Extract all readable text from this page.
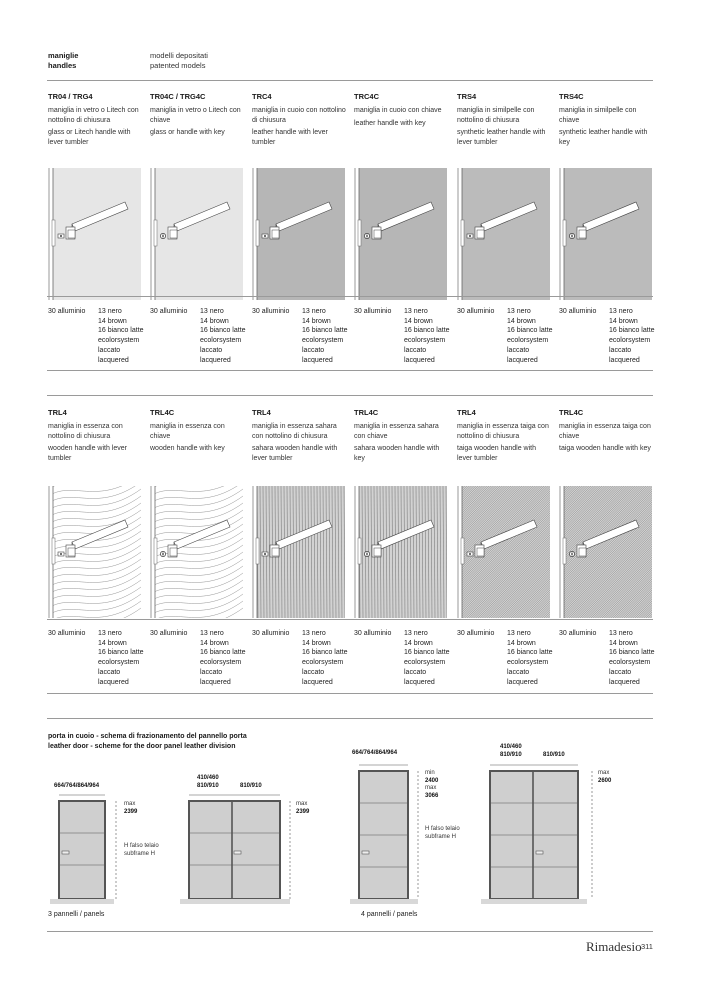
maniglie
handles
modelli depositati
patented models
TR04 / TRG4
maniglia in vetro o Litech con nottolino di chiusura
glass or Litech handle with lever tumbler
30 alluminio 13 nero
14 brown
16 bianco latte
ecolorsystem
laccato
lacquered
TR04C / TRG4C
maniglia in vetro o Litech con chiave
glass or handle with key
30 alluminio 13 nero
14 brown
16 bianco latte
ecolorsystem
laccato
lacquered
TRC4
maniglia in cuoio con nottolino di chiusura
leather handle with lever tumbler
30 alluminio 13 nero
14 brown
16 bianco latte
ecolorsystem
laccato
lacquered
TRC4C
maniglia in cuoio con chiave
leather handle with key
30 alluminio 13 nero
14 brown
16 bianco latte
ecolorsystem
laccato
lacquered
TRS4
maniglia in similpelle con nottolino di chiusura
synthetic leather handle with lever tumbler
30 alluminio 13 nero
14 brown
16 bianco latte
ecolorsystem
laccato
lacquered
TRS4C
maniglia in similpelle con chiave
synthetic leather handle with key
30 alluminio 13 nero
14 brown
16 bianco latte
ecolorsystem
laccato
lacquered
TRL4
maniglia in essenza con nottolino di chiusura
wooden handle with lever tumbler
30 alluminio 13 nero
14 brown
16 bianco latte
ecolorsystem
laccato
lacquered
TRL4C
maniglia in essenza con chiave
wooden handle with key
30 alluminio 13 nero
14 brown
16 bianco latte
ecolorsystem
laccato
lacquered
TRL4
maniglia in essenza sahara con nottolino di chiusura
sahara wooden handle with lever tumbler
30 alluminio 13 nero
14 brown
16 bianco latte
ecolorsystem
laccato
lacquered
TRL4C
maniglia in essenza sahara con chiave
sahara wooden handle with key
30 alluminio 13 nero
14 brown
16 bianco latte
ecolorsystem
laccato
lacquered
TRL4
maniglia in essenza taiga con nottolino di chiusura
taiga wooden handle with lever tumbler
30 alluminio 13 nero
14 brown
16 bianco latte
ecolorsystem
laccato
lacquered
TRL4C
maniglia in essenza taiga con chiave
taiga wooden handle with key
30 alluminio 13 nero
14 brown
16 bianco latte
ecolorsystem
laccato
lacquered
porta in cuoio - schema di frazionamento del pannello porta
leather door - scheme for the door panel leather division
664/764/864/964
max
2399
H falso telaio
subframe H
410/460
810/910	810/910
max
2399
664/764/864/964
min
2400
max
3066
H falso telaio
subframe H
410/460
810/910	810/910
max
2600
3 pannelli / panels	4 pannelli / panels
Rimadesio 311
